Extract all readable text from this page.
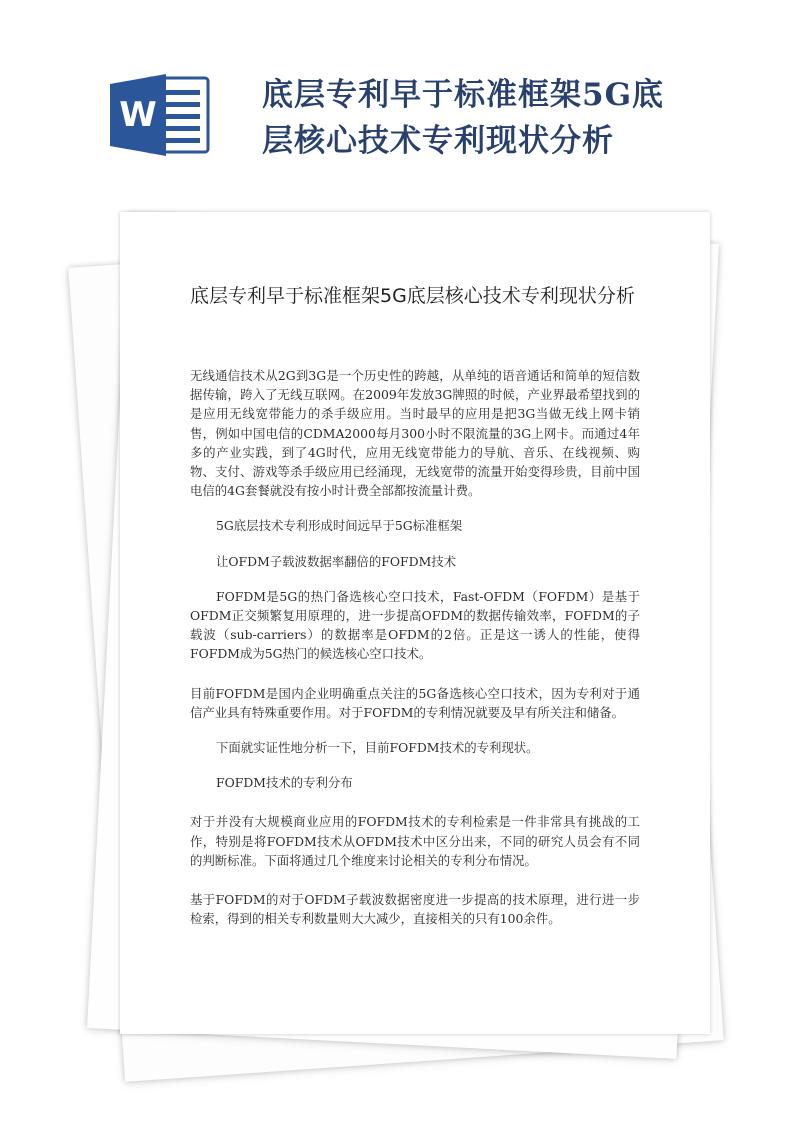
W	底层专利早于标准框架5G底层核心技术专利现状分析
底层专利早于标准框架5G底层核心技术专利现状分析

无线通信技术从2G到3G是一个历史性的跨越，从单纯的语音通话和简单的短信数据传输，跨入了无线互联网。在2009年发放3G牌照的时候，产业界最希望找到的是应用无线宽带能力的杀手级应用。当时最早的应用是把3G当做无线上网卡销售，例如中国电信的CDMA2000每月300小时不限流量的3G上网卡。而通过4年多的产业实践，到了4G时代，应用无线宽带能力的导航、音乐、在线视频、购物、支付、游戏等杀手级应用已经涌现，无线宽带的流量开始变得珍贵，目前中国电信的4G套餐就没有按小时计费全部都按流量计费。

5G底层技术专利形成时间远早于5G标准框架

让OFDM子载波数据率翻倍的FOFDM技术

FOFDM是5G的热门备选核心空口技术，Fast-OFDM（FOFDM）是基于OFDM正交频繁复用原理的，进一步提高OFDM的数据传输效率，FOFDM的子载波（sub-carriers）的数据率是OFDM的2倍。正是这一诱人的性能，使得FOFDM成为5G热门的候选核心空口技术。

目前FOFDM是国内企业明确重点关注的5G备选核心空口技术，因为专利对于通信产业具有特殊重要作用。对于FOFDM的专利情况就要及早有所关注和储备。

下面就实证性地分析一下，目前FOFDM技术的专利现状。

FOFDM技术的专利分布

对于并没有大规模商业应用的FOFDM技术的专利检索是一件非常具有挑战的工作，特别是将FOFDM技术从OFDM技术中区分出来，不同的研究人员会有不同的判断标准。下面将通过几个维度来讨论相关的专利分布情况。

基于FOFDM的对于OFDM子载波数据密度进一步提高的技术原理，进行进一步检索，得到的相关专利数量则大大减少，直接相关的只有100余件。
